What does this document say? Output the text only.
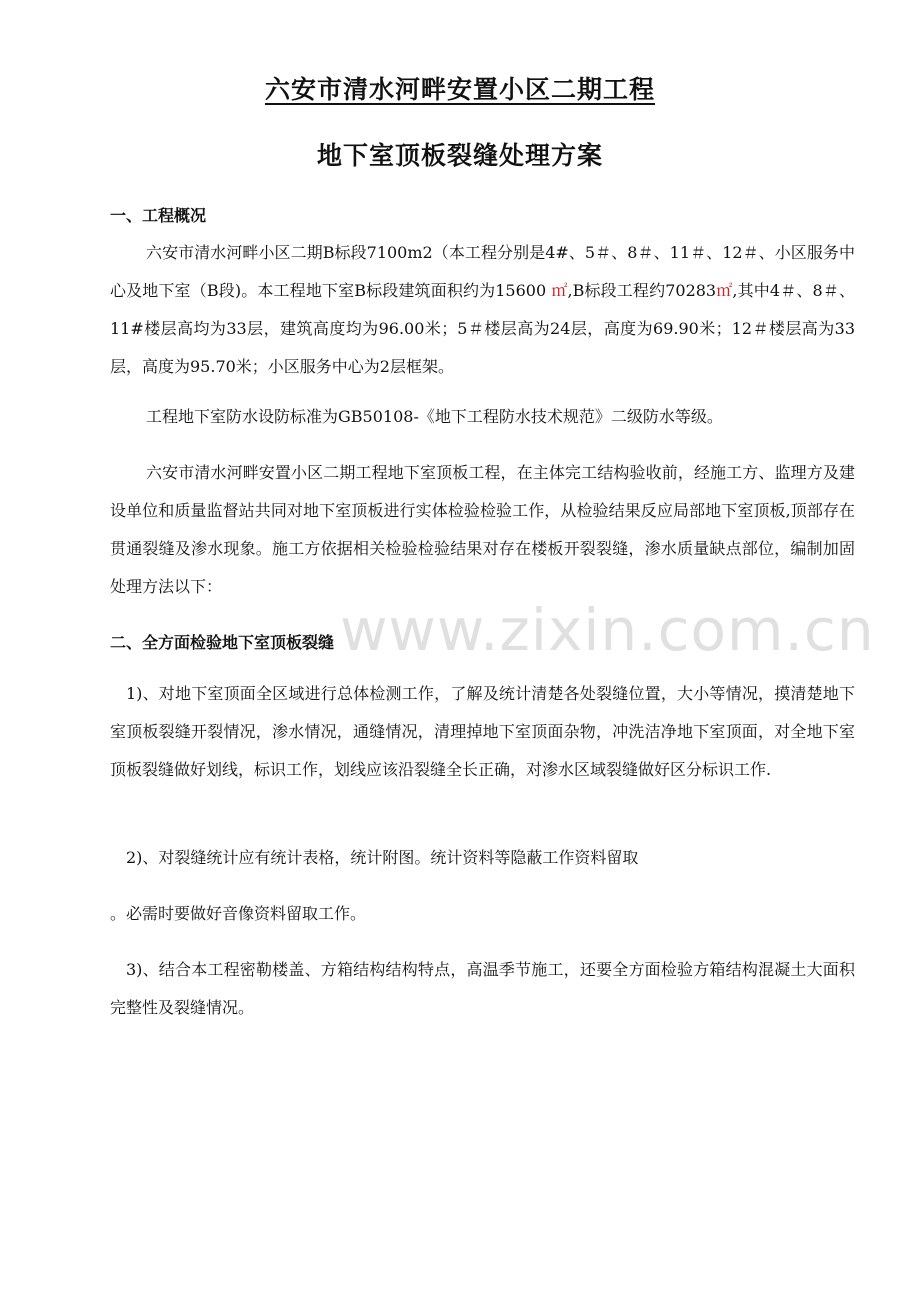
六安市清水河畔安置小区二期工程
地下室顶板裂缝处理方案
一、工程概况
六安市清水河畔小区二期B标段7100m2（本工程分别是4#、5＃、8＃、11＃、12＃、小区服务中心及地下室（B段)。本工程地下室B标段建筑面积约为15600 ㎡,B标段工程约70283㎡,其中4＃、8＃、11#楼层高均为33层，建筑高度均为96.00米；5＃楼层高为24层，高度为69.90米；12＃楼层高为33层，高度为95.70米；小区服务中心为2层框架。
工程地下室防水设防标准为GB50108-《地下工程防水技术规范》二级防水等级。
六安市清水河畔安置小区二期工程地下室顶板工程，在主体完工结构验收前，经施工方、监理方及建设单位和质量监督站共同对地下室顶板进行实体检验检验工作，从检验结果反应局部地下室顶板,顶部存在贯通裂缝及渗水现象。施工方依据相关检验检验结果对存在楼板开裂裂缝，渗水质量缺点部位，编制加固处理方法以下：
二、全方面检验地下室顶板裂缝
1)、对地下室顶面全区域进行总体检测工作，了解及统计清楚各处裂缝位置，大小等情况，摸清楚地下室顶板裂缝开裂情况，渗水情况，通缝情况，清理掉地下室顶面杂物，冲洗洁净地下室顶面，对全地下室顶板裂缝做好划线，标识工作，划线应该沿裂缝全长正确，对渗水区域裂缝做好区分标识工作.
2)、对裂缝统计应有统计表格，统计附图。统计资料等隐蔽工作资料留取
。必需时要做好音像资料留取工作。
3)、结合本工程密勒楼盖、方箱结构结构特点，高温季节施工，还要全方面检验方箱结构混凝土大面积完整性及裂缝情况。
www.zixin.com.cn
